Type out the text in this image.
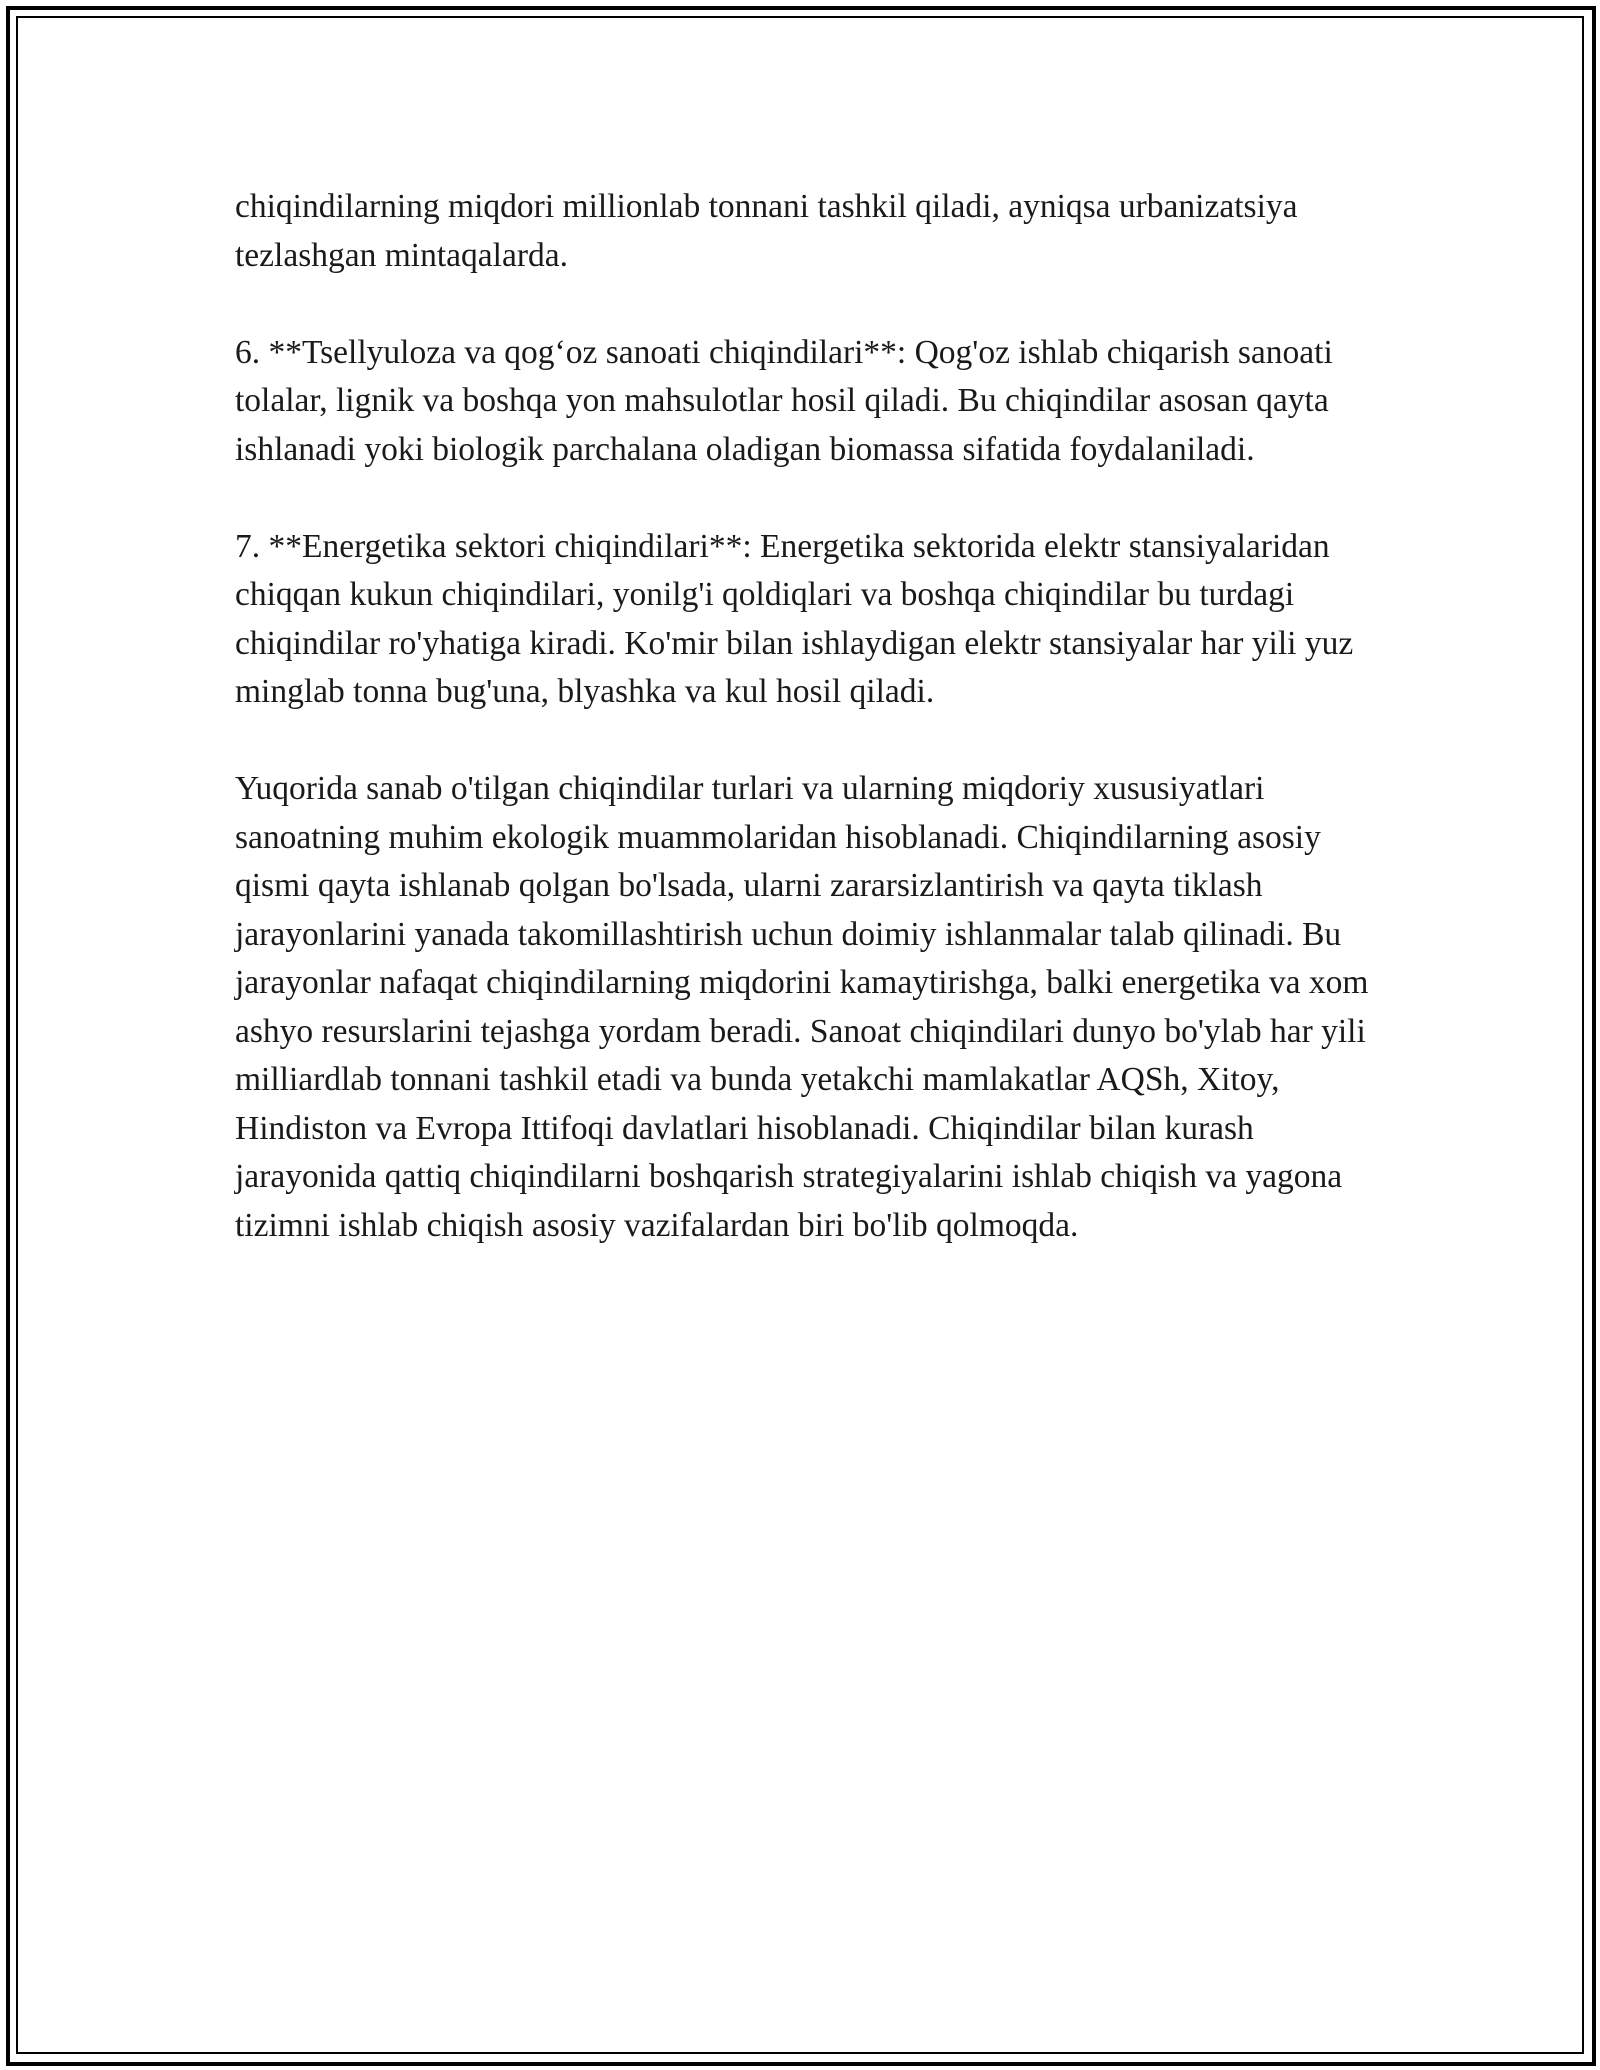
chiqindilarning miqdori millionlab tonnani tashkil qiladi, ayniqsa urbanizatsiya tezlashgan mintaqalarda.

6. **Tsellyuloza va qog‘oz sanoati chiqindilari**: Qog'oz ishlab chiqarish sanoati tolalar, lignik va boshqa yon mahsulotlar hosil qiladi. Bu chiqindilar asosan qayta ishlanadi yoki biologik parchalana oladigan biomassa sifatida foydalaniladi.

7. **Energetika sektori chiqindilari**: Energetika sektorida elektr stansiyalaridan chiqqan kukun chiqindilari, yonilg'i qoldiqlari va boshqa chiqindilar bu turdagi chiqindilar ro'yhatiga kiradi. Ko'mir bilan ishlaydigan elektr stansiyalar har yili yuz minglab tonna bug'una, blyashka va kul hosil qiladi.

Yuqorida sanab o'tilgan chiqindilar turlari va ularning miqdoriy xususiyatlari sanoatning muhim ekologik muammolaridan hisoblanadi. Chiqindilarning asosiy qismi qayta ishlanab qolgan bo'lsada, ularni zararsizlantirish va qayta tiklash jarayonlarini yanada takomillashtirish uchun doimiy ishlanmalar talab qilinadi. Bu jarayonlar nafaqat chiqindilarning miqdorini kamaytirishga, balki energetika va xom ashyo resurslarini tejashga yordam beradi. Sanoat chiqindilari dunyo bo'ylab har yili milliardlab tonnani tashkil etadi va bunda yetakchi mamlakatlar AQSh, Xitoy, Hindiston va Evropa Ittifoqi davlatlari hisoblanadi. Chiqindilar bilan kurash jarayonida qattiq chiqindilarni boshqarish strategiyalarini ishlab chiqish va yagona tizimni ishlab chiqish asosiy vazifalardan biri bo'lib qolmoqda.
